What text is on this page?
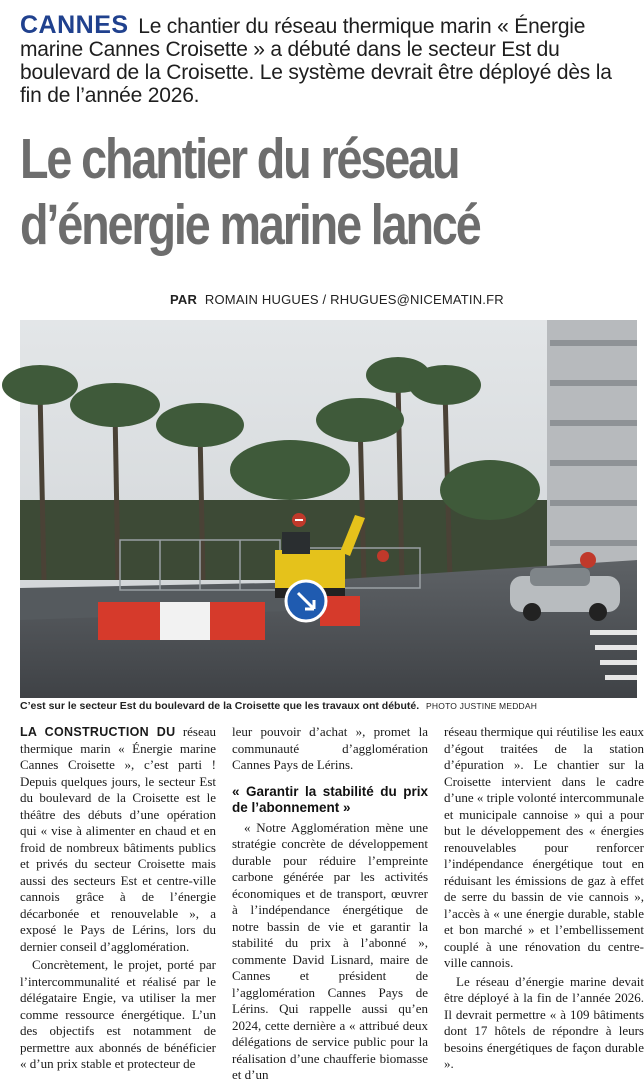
CANNES Le chantier du réseau thermique marin « Énergie marine Cannes Croisette » a débuté dans le secteur Est du boulevard de la Croisette. Le système devrait être déployé dès la fin de l’année 2026.
Le chantier du réseau
d’énergie marine lancé
PAR ROMAIN HUGUES / RHUGUES@NICEMATIN.FR
C’est sur le secteur Est du boulevard de la Croisette que les travaux ont débuté. PHOTO JUSTINE MEDDAH

LA CONSTRUCTION DU réseau thermique marin « Énergie marine Cannes Croisette », c’est parti ! Depuis quelques jours, le secteur Est du boulevard de la Croisette est le théâtre des débuts d’une opération qui « vise à alimenter en chaud et en froid de nombreux bâtiments publics et privés du secteur Croisette mais aussi des secteurs Est et centre-ville cannois grâce à de l’énergie décarbonée et renouvelable », a exposé le Pays de Lérins, lors du dernier conseil d’agglomération.

Concrètement, le projet, porté par l’intercommunalité et réalisé par le délégataire Engie, va utiliser la mer comme ressource énergétique. L’un des objectifs est notamment de permettre aux abonnés de bénéficier « d’un prix stable et protecteur de

leur pouvoir d’achat », promet la communauté d’agglomération Cannes Pays de Lérins.

« Garantir la stabilité du prix de l’abonnement »

« Notre Agglomération mène une stratégie concrète de développement durable pour réduire l’empreinte carbone générée par les activités économiques et de transport, œuvrer à l’indépendance énergétique de notre bassin de vie et garantir la stabilité du prix à l’abonné », commente David Lisnard, maire de Cannes et président de l’agglomération Cannes Pays de Lérins. Qui rappelle aussi qu’en 2024, cette dernière a « attribué deux délégations de service public pour la réalisation d’une chaufferie biomasse et d’un

réseau thermique qui réutilise les eaux d’égout traitées de la station d’épuration ». Le chantier sur la Croisette intervient dans le cadre d’une « triple volonté intercommunale et municipale cannoise » qui a pour but le développement des « énergies renouvelables pour renforcer l’indépendance énergétique tout en réduisant les émissions de gaz à effet de serre du bassin de vie cannois », l’accès à « une énergie durable, stable et bon marché » et l’embellissement couplé à une rénovation du centre-ville cannois.

Le réseau d’énergie marine devait être déployé à la fin de l’année 2026. Il devrait permettre « à 109 bâtiments dont 17 hôtels de répondre à leurs besoins énergétiques de façon durable ».
